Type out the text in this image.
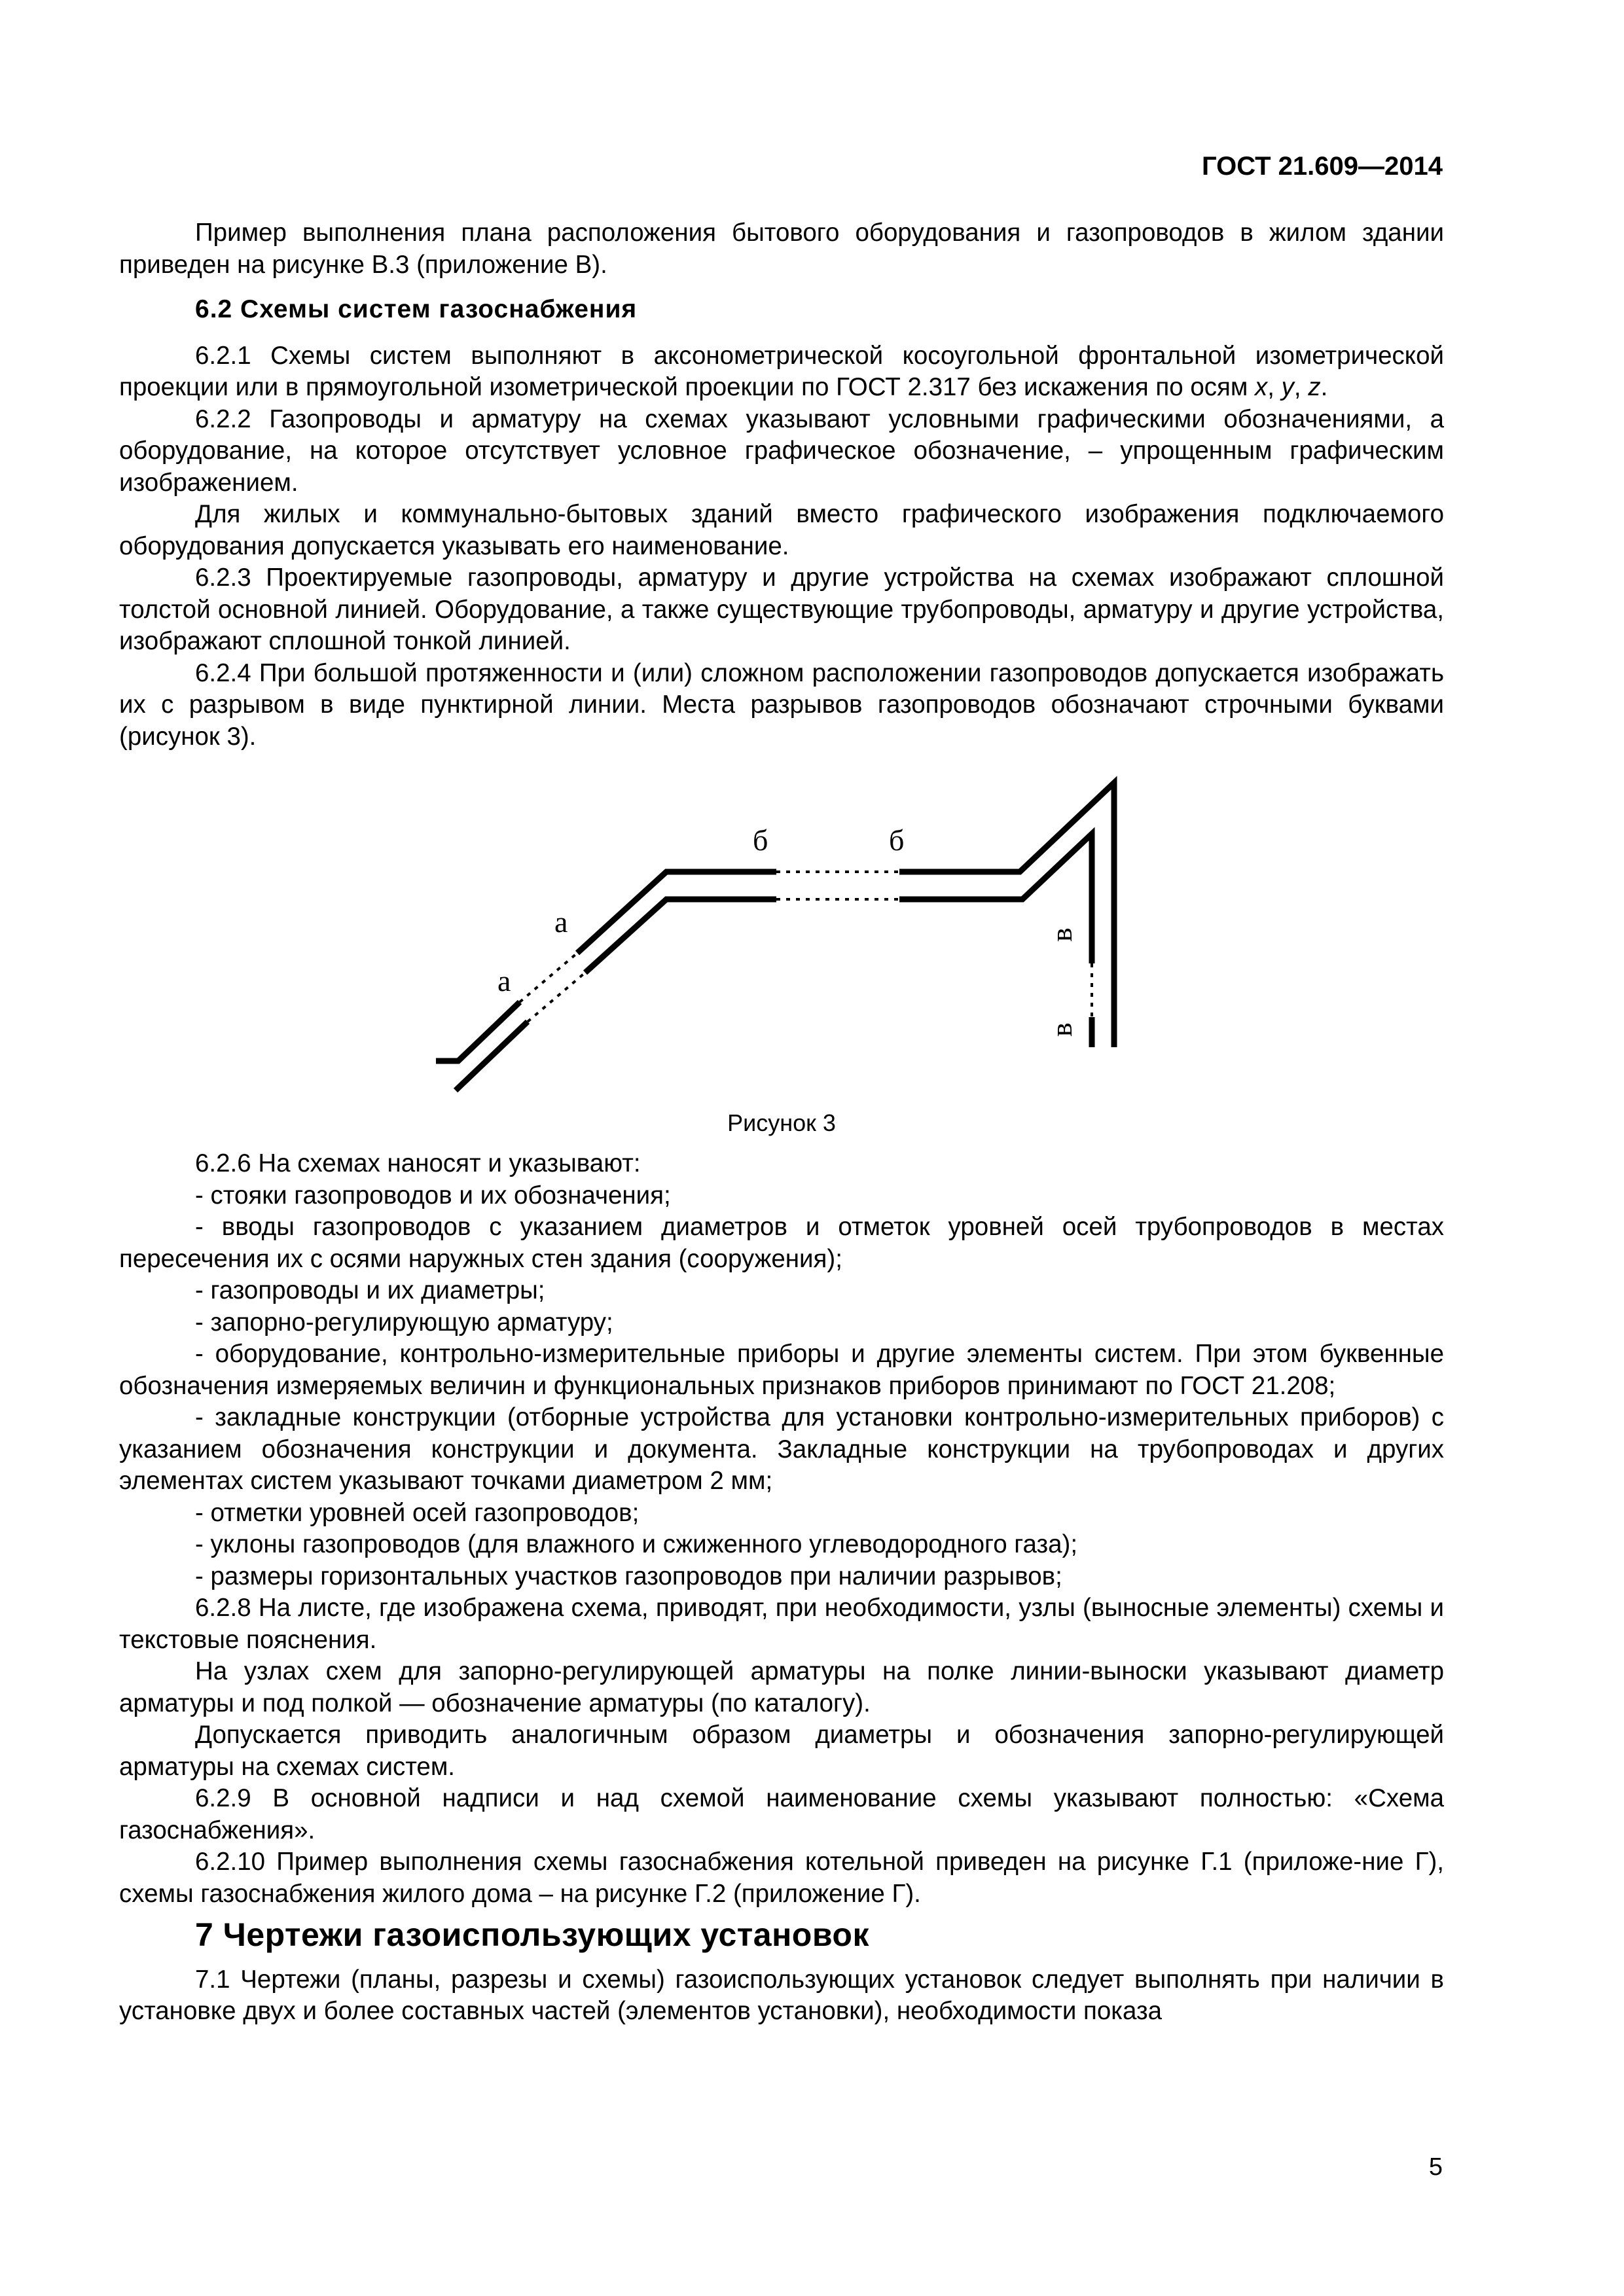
ГОСТ 21.609—2014

Пример выполнения плана расположения бытового оборудования и газопроводов в жилом здании приведен на рисунке В.3 (приложение В).

6.2 Схемы систем газоснабжения

6.2.1 Схемы систем выполняют в аксонометрической косоугольной фронтальной изометрической проекции или в прямоугольной изометрической проекции по ГОСТ 2.317 без искажения по осям x, y, z.

6.2.2 Газопроводы и арматуру на схемах указывают условными графическими обозначениями, а оборудование, на которое отсутствует условное графическое обозначение, – упрощенным графическим изображением.

Для жилых и коммунально-бытовых зданий вместо графического изображения подключаемого оборудования допускается указывать его наименование.

6.2.3 Проектируемые газопроводы, арматуру и другие устройства на схемах изображают сплошной толстой основной линией. Оборудование, а также существующие трубопроводы, арматуру и другие устройства, изображают сплошной тонкой линией.

6.2.4 При большой протяженности и (или) сложном расположении газопроводов допускается изображать их с разрывом в виде пунктирной линии. Места разрывов газопроводов обозначают строчными буквами (рисунок 3).

а
а
б	б
в
в
Рисунок 3

6.2.6 На схемах наносят и указывают:

- стояки газопроводов и их обозначения;

- вводы газопроводов с указанием диаметров и отметок уровней осей трубопроводов в местах пересечения их с осями наружных стен здания (сооружения);

- газопроводы и их диаметры;

- запорно-регулирующую арматуру;

- оборудование, контрольно-измерительные приборы и другие элементы систем. При этом буквенные обозначения измеряемых величин и функциональных признаков приборов принимают по ГОСТ 21.208;

- закладные конструкции (отборные устройства для установки контрольно-измерительных приборов) с указанием обозначения конструкции и документа. Закладные конструкции на трубопроводах и других элементах систем указывают точками диаметром 2 мм;

- отметки уровней осей газопроводов;

- уклоны газопроводов (для влажного и сжиженного углеводородного газа);

- размеры горизонтальных участков газопроводов при наличии разрывов;

6.2.8 На листе, где изображена схема, приводят, при необходимости, узлы (выносные элементы) схемы и текстовые пояснения.

На узлах схем для запорно-регулирующей арматуры на полке линии-выноски указывают диаметр арматуры и под полкой — обозначение арматуры (по каталогу).

Допускается приводить аналогичным образом диаметры и обозначения запорно-регулирующей арматуры на схемах систем.

6.2.9 В основной надписи и над схемой наименование схемы указывают полностью: «Схема газоснабжения».

6.2.10 Пример выполнения схемы газоснабжения котельной приведен на рисунке Г.1 (приложе-ние Г), схемы газоснабжения жилого дома – на рисунке Г.2 (приложение Г).

7 Чертежи газоиспользующих установок

7.1 Чертежи (планы, разрезы и схемы) газоиспользующих установок следует выполнять при наличии в установке двух и более составных частей (элементов установки), необходимости показа

5
